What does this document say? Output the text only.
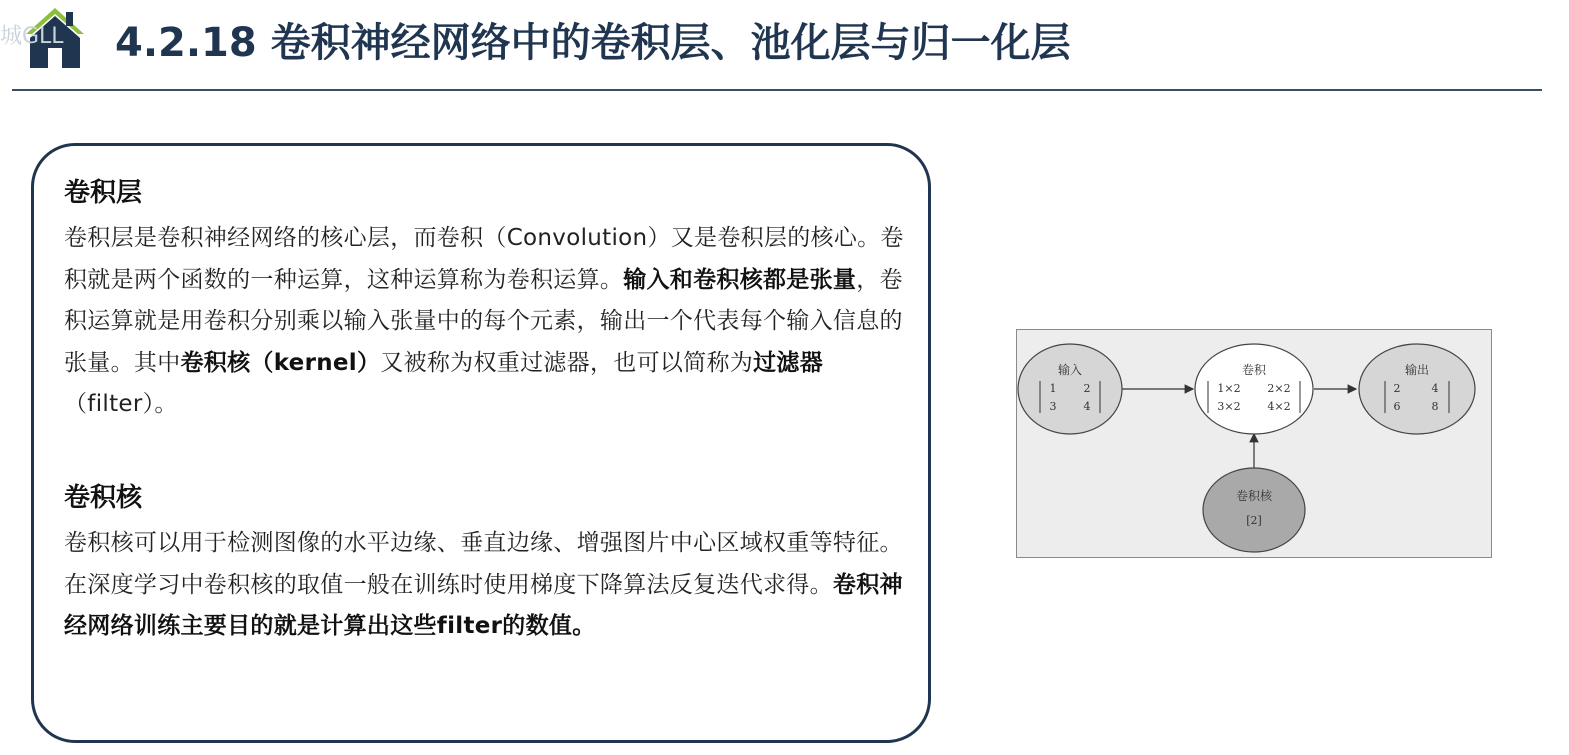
城GLL 4.2.18 卷积神经网络中的卷积层、池化层与归一化层
卷积层
卷积层是卷积神经网络的核心层，而卷积（Convolution）又是卷积层的核心。卷积就是两个函数的一种运算，这种运算称为卷积运算。输入和卷积核都是张量，卷积运算就是用卷积分别乘以输入张量中的每个元素，输出一个代表每个输入信息的张量。其中卷积核（kernel）又被称为权重过滤器，也可以简称为过滤器（filter）。
卷积核
卷积核可以用于检测图像的水平边缘、垂直边缘、增强图片中心区域权重等特征。在深度学习中卷积核的取值一般在训练时使用梯度下降算法反复迭代求得。卷积神经网络训练主要目的就是计算出这些filter的数值。
输入
1 2
3 4
卷积
1×2 2×2
3×2 4×2
输出
2	4
6	8
卷积核
[2]
